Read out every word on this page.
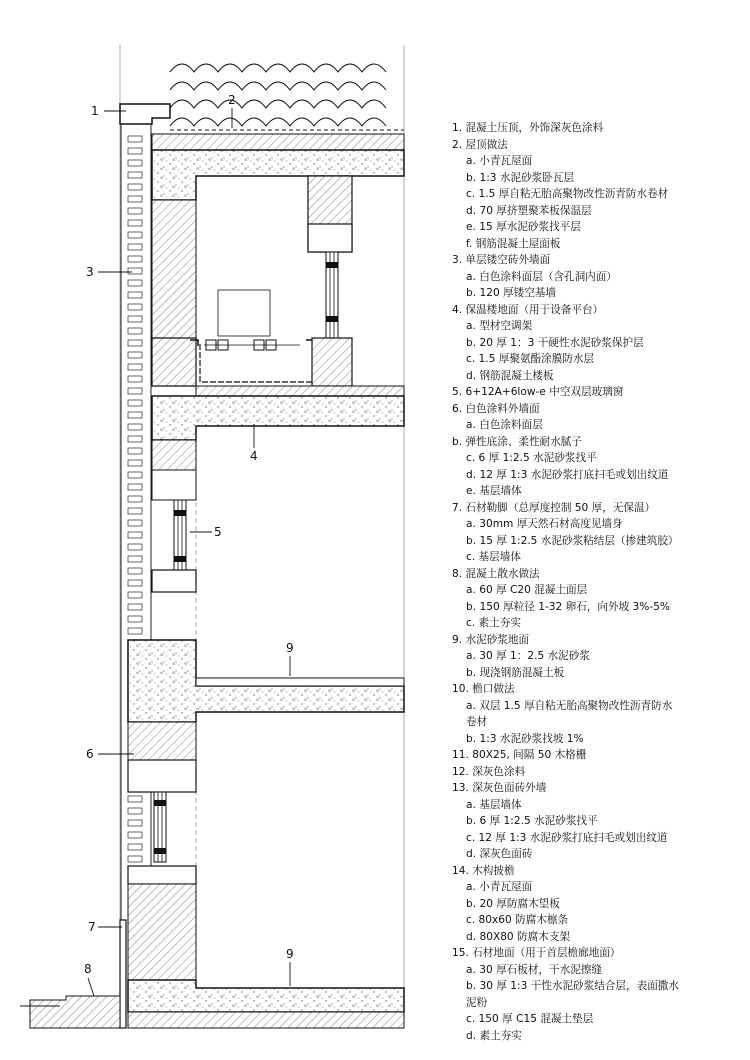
1
2
3
4
5
6
7
8
9
9
1. 混凝土压顶，外饰深灰色涂料
2. 屋顶做法
a. 小青瓦屋面
b. 1:3 水泥砂浆卧瓦层
c. 1.5 厚自粘无胎高聚物改性沥青防水卷材
d. 70 厚挤塑聚苯板保温层
e. 15 厚水泥砂浆找平层
f. 钢筋混凝土屋面板
3. 单层镂空砖外墙面
a. 白色涂料面层（含孔洞内面）
b. 120 厚镂空基墙
4. 保温楼地面（用于设备平台）
a. 型材空调架
b. 20 厚 1：3 干硬性水泥砂浆保护层
c. 1.5 厚聚氨酯涂膜防水层
d. 钢筋混凝土楼板
5. 6+12A+6low-e 中空双层玻璃窗
6. 白色涂料外墙面
a. 白色涂料面层
b. 弹性底涂、柔性耐水腻子
c. 6 厚 1:2.5 水泥砂浆找平
d. 12 厚 1:3 水泥砂浆打底扫毛或划出纹道
e. 基层墙体
7. 石材勒脚（总厚度控制 50 厚，无保温）
a. 30mm 厚天然石材高度见墙身
b. 15 厚 1:2.5 水泥砂浆粘结层（掺建筑胶）
c. 基层墙体
8. 混凝土散水做法
a. 60 厚 C20 混凝土面层
b. 150 厚粒径 1-32 卵石，向外坡 3%-5%
c. 素土夯实
9. 水泥砂浆地面
a. 30 厚 1：2.5 水泥砂浆
b. 现浇钢筋混凝土板
10. 檐口做法
a. 双层 1.5 厚自粘无胎高聚物改性沥青防水
卷材
b. 1:3 水泥砂浆找坡 1%
11. 80X25, 间隔 50 木格栅
12. 深灰色涂料
13. 深灰色面砖外墙
a. 基层墙体
b. 6 厚 1:2.5 水泥砂浆找平
c. 12 厚 1:3 水泥砂浆打底扫毛或划出纹道
d. 深灰色面砖
14. 木构披檐
a. 小青瓦屋面
b. 20 厚防腐木望板
c. 80x60 防腐木檩条
d. 80X80 防腐木支架
15. 石材地面（用于首层檐廊地面）
a. 30 厚石板材，干水泥擦缝
b. 30 厚 1:3 干性水泥砂浆结合层，表面撒水
泥粉
c. 150 厚 C15 混凝土垫层
d. 素土夯实
